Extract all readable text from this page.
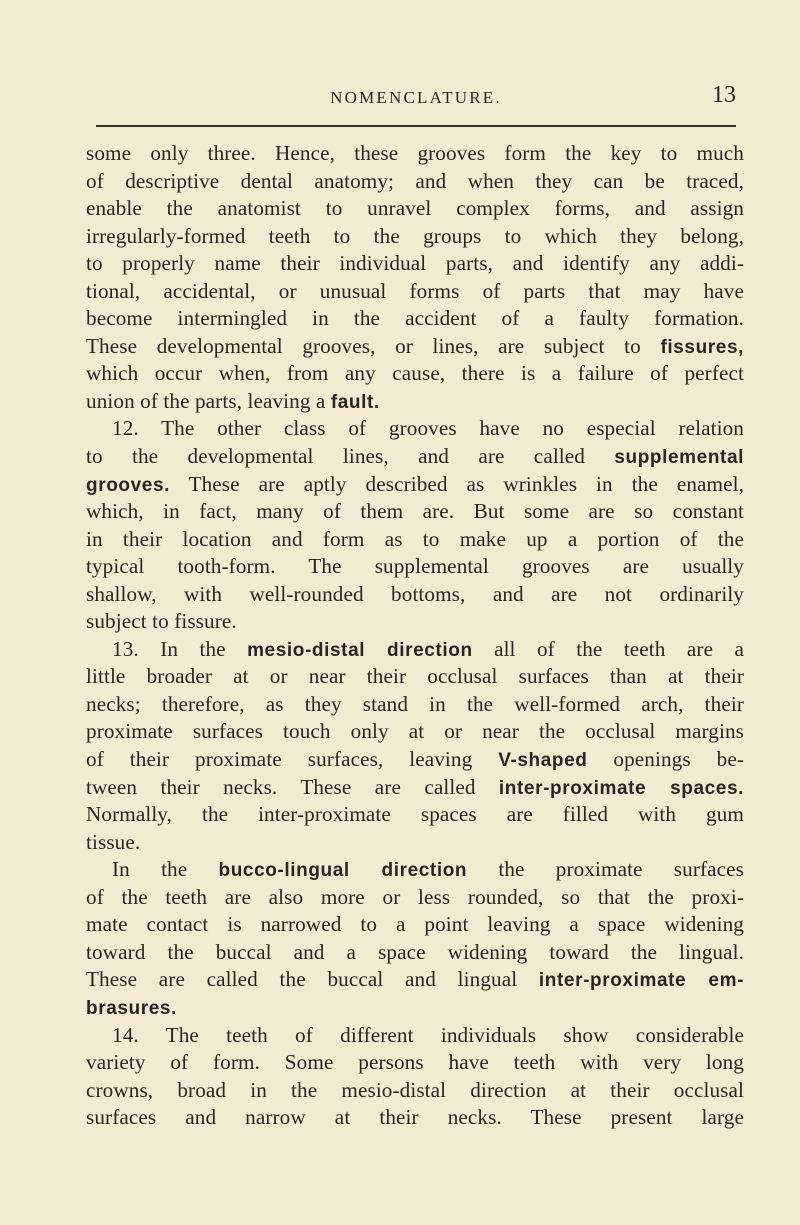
NOMENCLATURE.	13
some only three. Hence, these grooves form the key to much
of descriptive dental anatomy; and when they can be traced,
enable the anatomist to unravel complex forms, and assign
irregularly-formed teeth to the groups to which they belong,
to properly name their individual parts, and identify any addi-
tional, accidental, or unusual forms of parts that may have
become intermingled in the accident of a faulty formation.
These developmental grooves, or lines, are subject to fissures,
which occur when, from any cause, there is a failure of perfect
union of the parts, leaving a fault.
12. The other class of grooves have no especial relation
to the developmental lines, and are called supplemental
grooves. These are aptly described as wrinkles in the enamel,
which, in fact, many of them are. But some are so constant
in their location and form as to make up a portion of the
typical tooth-form. The supplemental grooves are usually
shallow, with well-rounded bottoms, and are not ordinarily
subject to fissure.
13. In the mesio-distal direction all of the teeth are a
little broader at or near their occlusal surfaces than at their
necks; therefore, as they stand in the well-formed arch, their
proximate surfaces touch only at or near the occlusal margins
of their proximate surfaces, leaving V-shaped openings be-
tween their necks. These are called inter-proximate spaces.
Normally, the inter-proximate spaces are filled with gum
tissue.
In the bucco-lingual direction the proximate surfaces
of the teeth are also more or less rounded, so that the proxi-
mate contact is narrowed to a point leaving a space widening
toward the buccal and a space widening toward the lingual.
These are called the buccal and lingual inter-proximate em-
brasures.
14. The teeth of different individuals show considerable
variety of form. Some persons have teeth with very long
crowns, broad in the mesio-distal direction at their occlusal
surfaces and narrow at their necks. These present large
